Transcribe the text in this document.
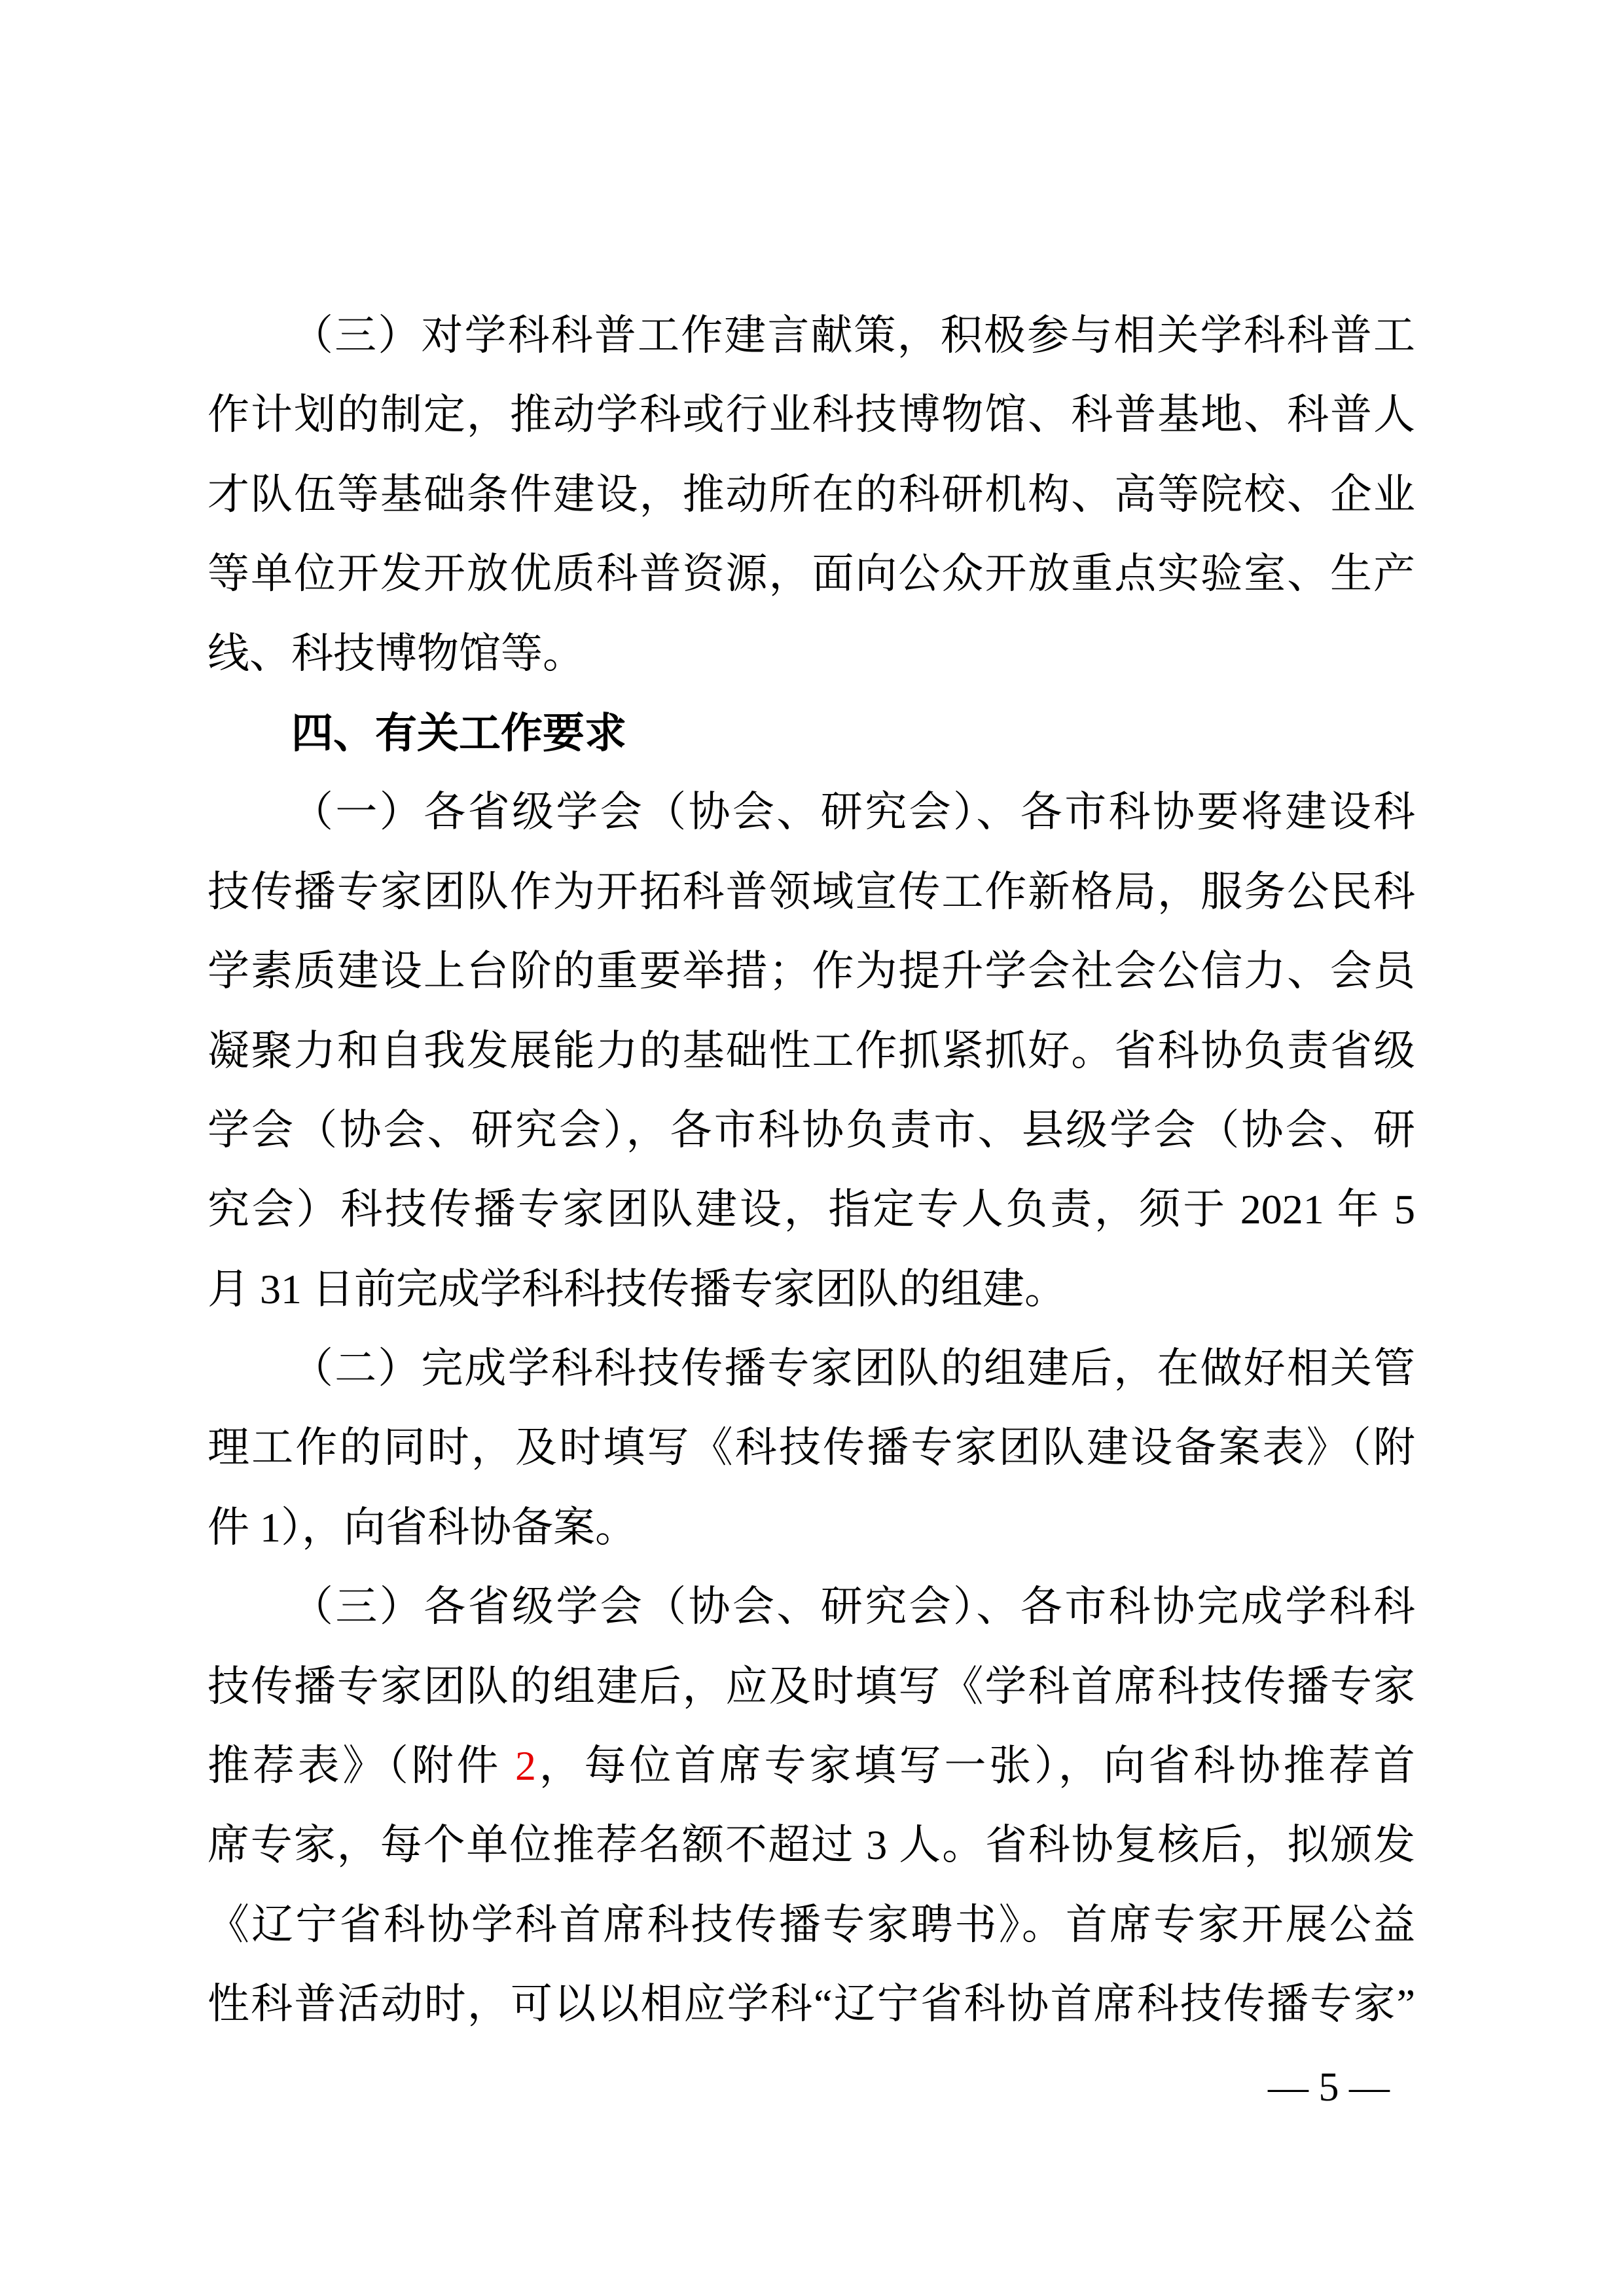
（三）对学科科普工作建言献策，积极参与相关学科科普工
作计划的制定，推动学科或行业科技博物馆、科普基地、科普人
才队伍等基础条件建设，推动所在的科研机构、高等院校、企业
等单位开发开放优质科普资源，面向公众开放重点实验室、生产
线、科技博物馆等。
四、有关工作要求
（一）各省级学会（协会、研究会）、各市科协要将建设科
技传播专家团队作为开拓科普领域宣传工作新格局，服务公民科
学素质建设上台阶的重要举措；作为提升学会社会公信力、会员
凝聚力和自我发展能力的基础性工作抓紧抓好。省科协负责省级
学会（协会、研究会），各市科协负责市、县级学会（协会、研
究会）科技传播专家团队建设，指定专人负责，须于 2021 年 5
月 31 日前完成学科科技传播专家团队的组建。
（二）完成学科科技传播专家团队的组建后，在做好相关管
理工作的同时，及时填写《科技传播专家团队建设备案表》（附
件 1），向省科协备案。
（三）各省级学会（协会、研究会）、各市科协完成学科科
技传播专家团队的组建后，应及时填写《学科首席科技传播专家
推荐表》（附件 2，每位首席专家填写一张），向省科协推荐首
席专家，每个单位推荐名额不超过 3 人。省科协复核后，拟颁发
《辽宁省科协学科首席科技传播专家聘书》。首席专家开展公益
性科普活动时，可以以相应学科“辽宁省科协首席科技传播专家”
— 5 —
